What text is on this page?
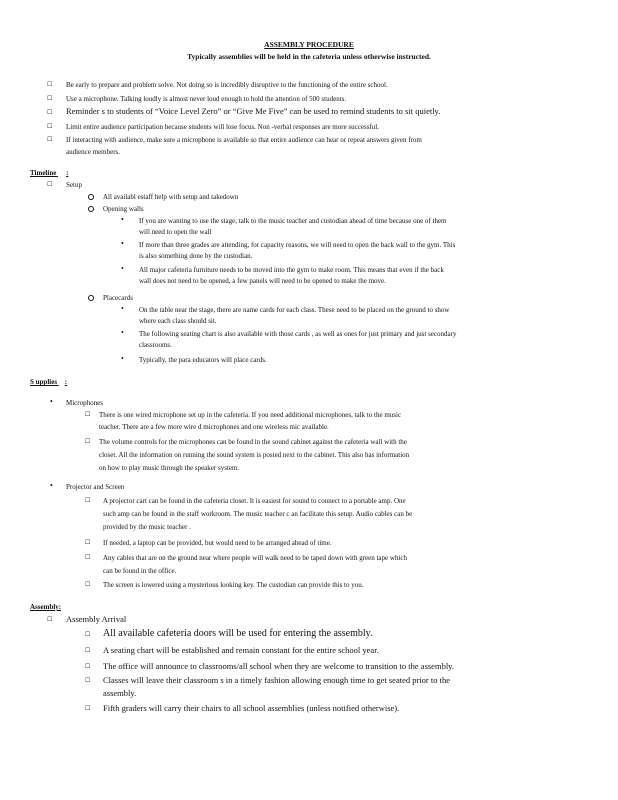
ASSEMBLY PROCEDURE
Typically assemblies will be held in the cafeteria unless otherwise instructed.
☐ Be early to prepare and problem solve. Not doing so is incredibly disruptive to the functioning of the entire school.
☐ Use a microphone. Talking loudly is almost never loud enough to hold the attention of 500 students.
☐ Reminder s to students of “Voice Level Zero” or “Give Me Five” can be used to remind students to sit quietly.
☐ Limit entire audience participation because students will lose focus. Non -verbal responses are more successful.
☐ If interacting with audience, make sure a microphone is available so that entire audience can hear or repeat answers given from
audience members.
Timeline :
☐ Setup
All availabl estaff help with setup and takedown
Opening walls
• If you are wanting to use the stage, talk to the music teacher and custodian ahead of time because one of them
will need to open the wall
• If more than three grades are attending, for capacity reasons, we will need to open the back wall to the gym. This
is also something done by the custodian.
• All major cafeteria furniture needs to be moved into the gym to make room. This means that even if the back
wall does not need to be opened, a few panels will need to be opened to make the move.
Placecards
• On the table near the stage, there are name cards for each class. These need to be placed on the ground to show
where each class should sit.
• The following seating chart is also available with those cards , as well as ones for just primary and just secondary
classrooms.
• Typically, the para educators will place cards.
S upplies :
• Microphones
☐ There is one wired microphone set up in the cafeteria. If you need additional microphones, talk to the music
teacher. There are a few more wire d microphones and one wireless mic available.
☐ The volume controls for the microphones can be found in the sound cabinet against the cafeteria wall with the
closet. All the information on running the sound system is posted next to the cabinet. This also has information
on how to play music through the speaker system.
• Projector and Screen
☐ A projector cart can be found in the cafeteria closet. It is easiest for sound to connect to a portable amp. One
such amp can be found in the staff workroom. The music teacher c an facilitate this setup. Audio cables can be
provided by the music teacher .
☐ If needed, a laptop can be provided, but would need to be arranged ahead of time.
☐ Any cables that are on the ground near where people will walk need to be taped down with green tape which
can be found in the office.
☐ The screen is lowered using a mysterious looking key. The custodian can provide this to you.
Assembly:
☐ Assembly Arrival
☐ All available cafeteria doors will be used for entering the assembly.
☐ A seating chart will be established and remain constant for the entire school year.
☐ The office will announce to classrooms/all school when they are welcome to transition to the assembly.
☐ Classes will leave their classroom s in a timely fashion allowing enough time to get seated prior to the
assembly.
☐ Fifth graders will carry their chairs to all school assemblies (unless notified otherwise).
